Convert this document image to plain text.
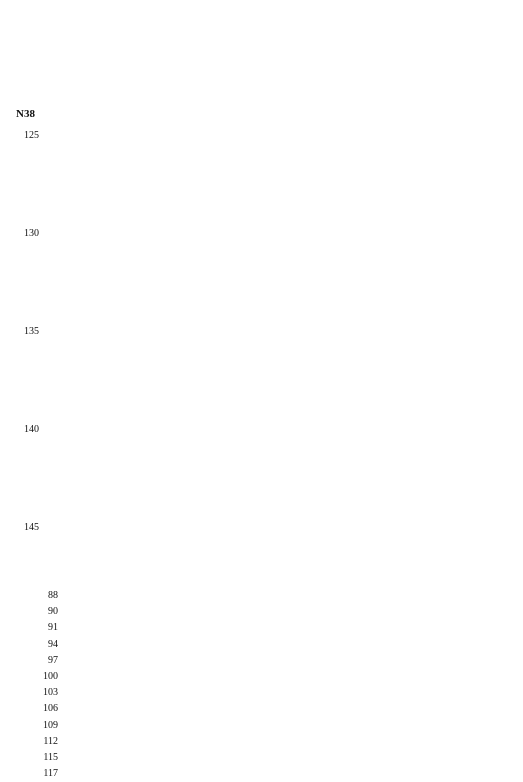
N38
125
130
135
140
145
88
90
91
94
97
100
103
106
109
112
115
117
